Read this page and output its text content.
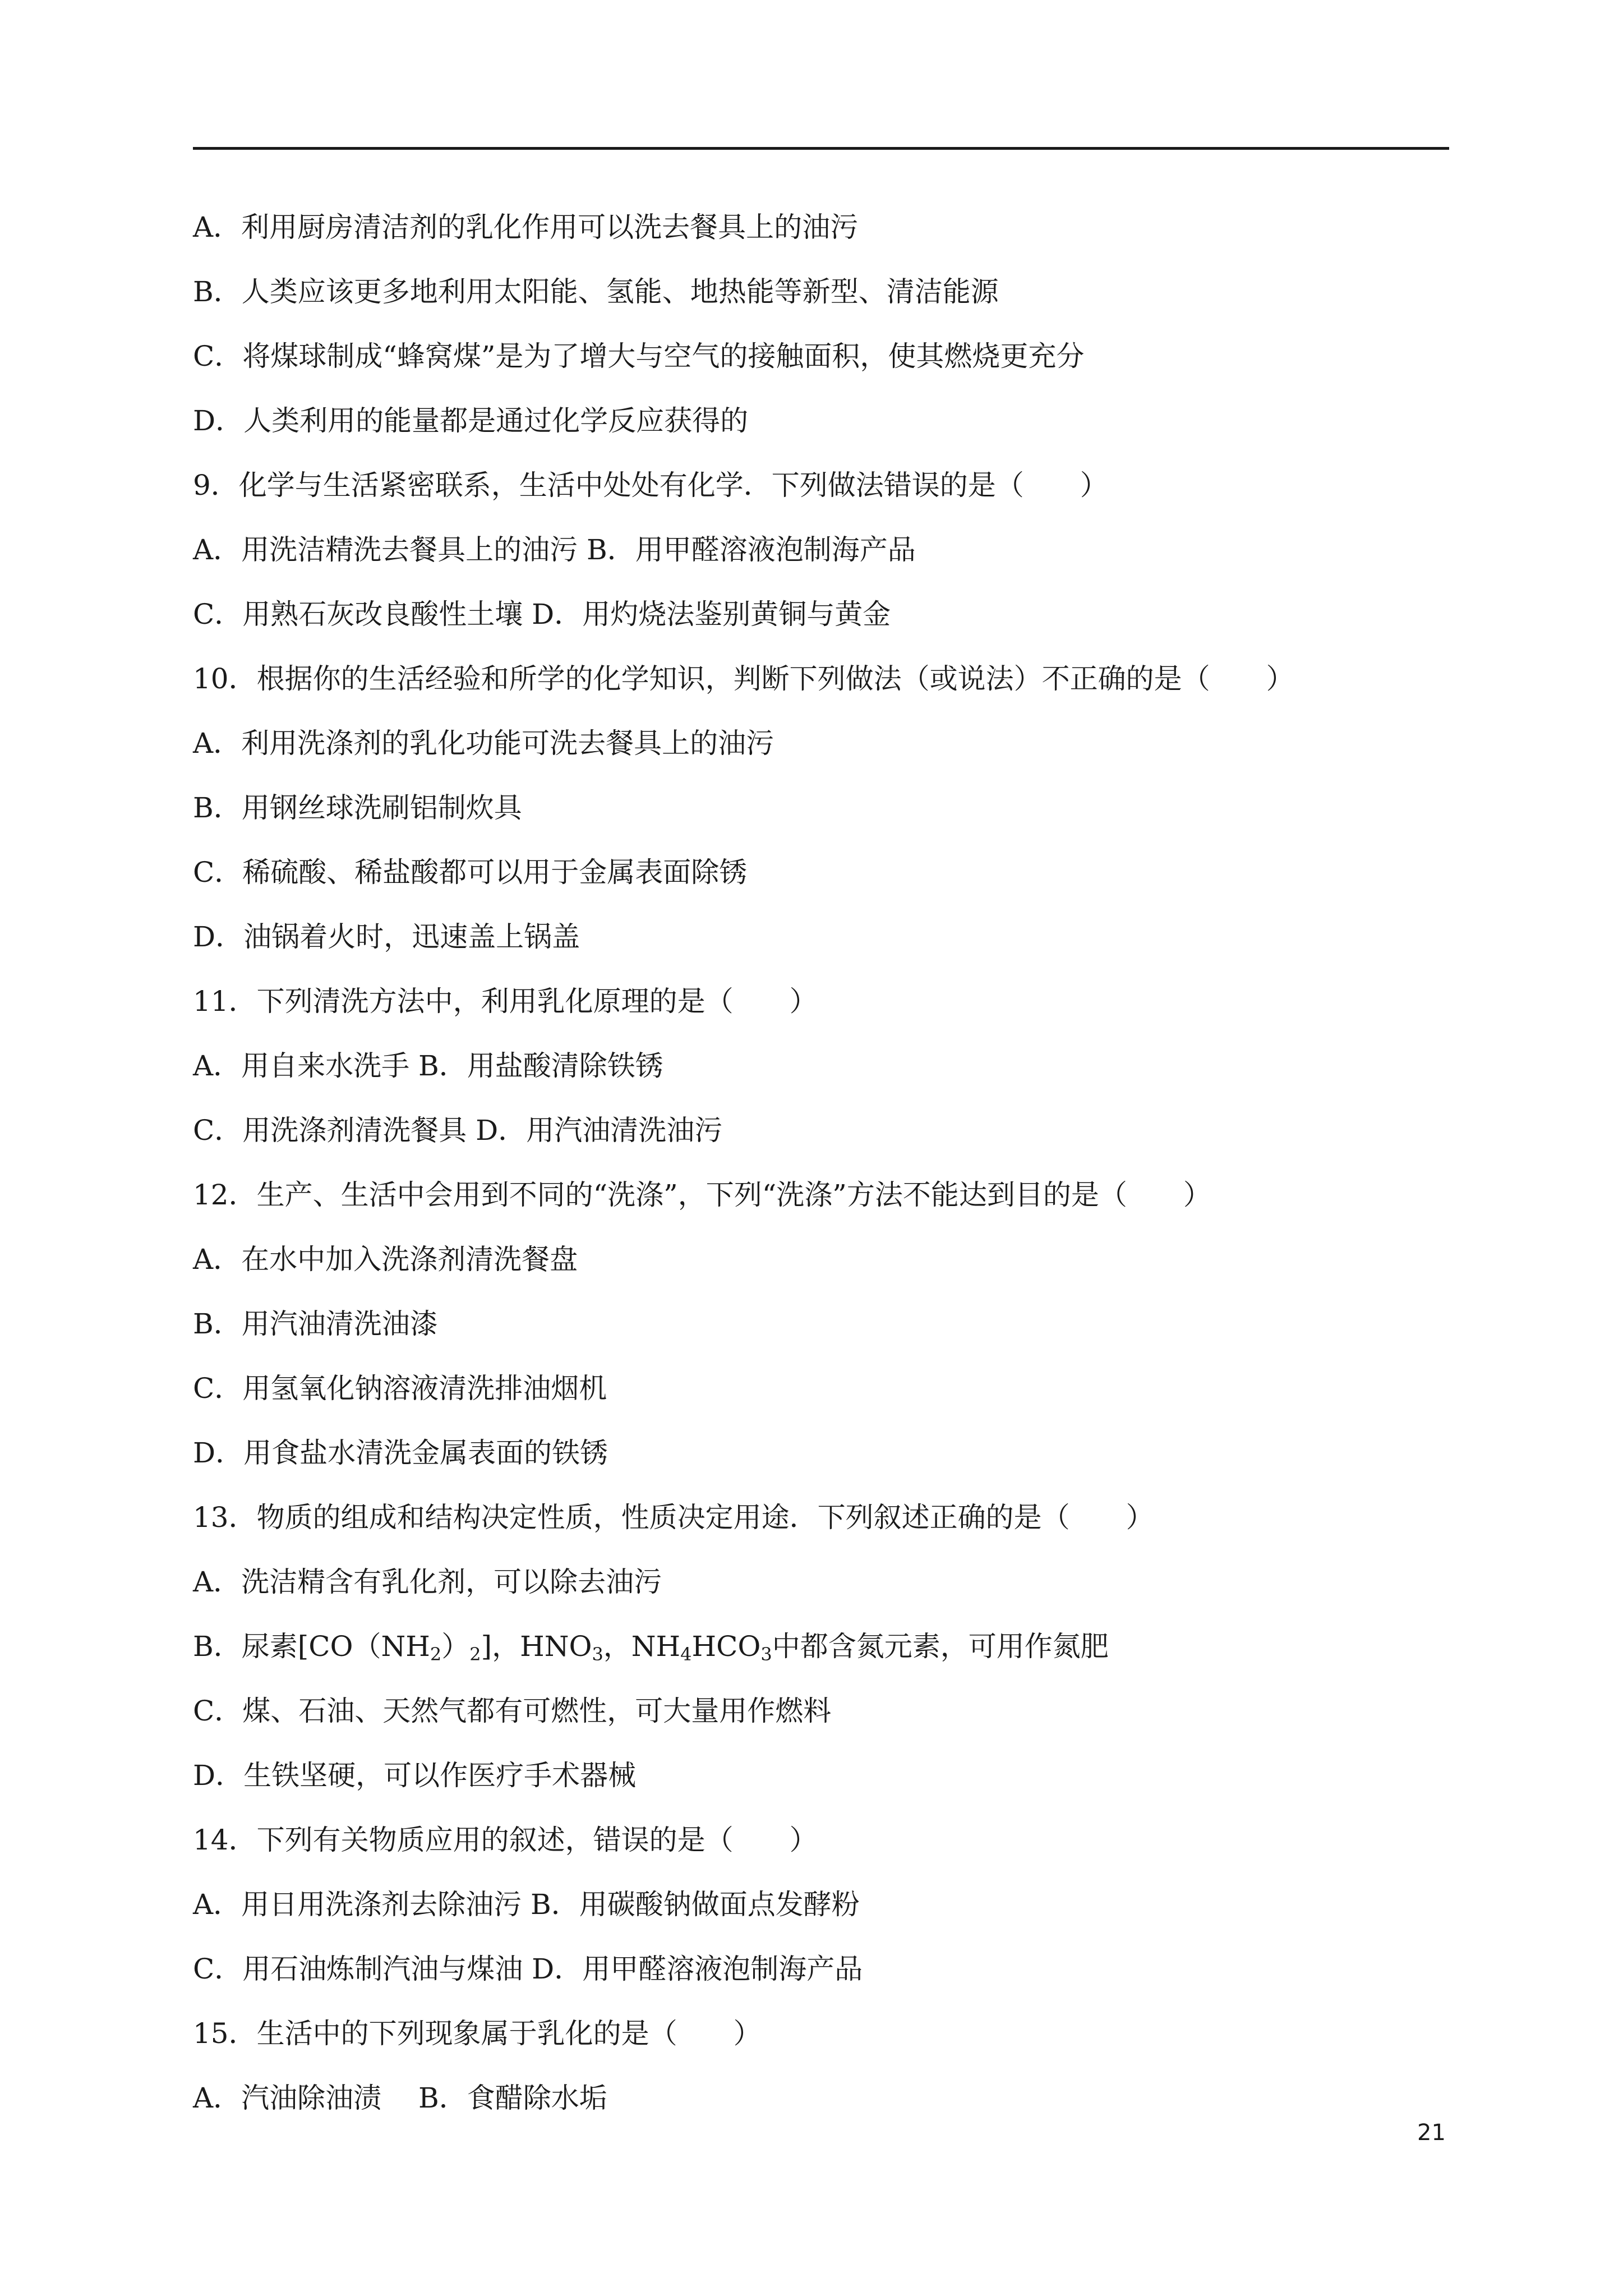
A．利用厨房清洁剂的乳化作用可以洗去餐具上的油污
B．人类应该更多地利用太阳能、氢能、地热能等新型、清洁能源
C．将煤球制成“蜂窝煤”是为了增大与空气的接触面积，使其燃烧更充分
D．人类利用的能量都是通过化学反应获得的
9．化学与生活紧密联系，生活中处处有化学．下列做法错误的是（　　）
A．用洗洁精洗去餐具上的油污 B．用甲醛溶液泡制海产品
C．用熟石灰改良酸性土壤 D．用灼烧法鉴别黄铜与黄金
10．根据你的生活经验和所学的化学知识，判断下列做法（或说法）不正确的是（　　）
A．利用洗涤剂的乳化功能可洗去餐具上的油污
B．用钢丝球洗刷铝制炊具
C．稀硫酸、稀盐酸都可以用于金属表面除锈
D．油锅着火时，迅速盖上锅盖
11．下列清洗方法中，利用乳化原理的是（　　）
A．用自来水洗手 B．用盐酸清除铁锈
C．用洗涤剂清洗餐具 D．用汽油清洗油污
12．生产、生活中会用到不同的“洗涤”，下列“洗涤”方法不能达到目的是（　　）
A．在水中加入洗涤剂清洗餐盘
B．用汽油清洗油漆
C．用氢氧化钠溶液清洗排油烟机
D．用食盐水清洗金属表面的铁锈
13．物质的组成和结构决定性质，性质决定用途．下列叙述正确的是（　　）
A．洗洁精含有乳化剂，可以除去油污
B．尿素$[CO(NH_2)_2]$，$HNO_3$，$NH_4HCO_3$中都含氮元素，可用作氮肥
C．煤、石油、天然气都有可燃性，可大量用作燃料
D．生铁坚硬，可以作医疗手术器械
14．下列有关物质应用的叙述，错误的是（　　）
A．用日用洗涤剂去除油污 B．用碳酸钠做面点发酵粉
C．用石油炼制汽油与煤油 D．用甲醛溶液泡制海产品
15．生活中的下列现象属于乳化的是（　　）
A．汽油除油渍　 B．食醋除水垢
21
